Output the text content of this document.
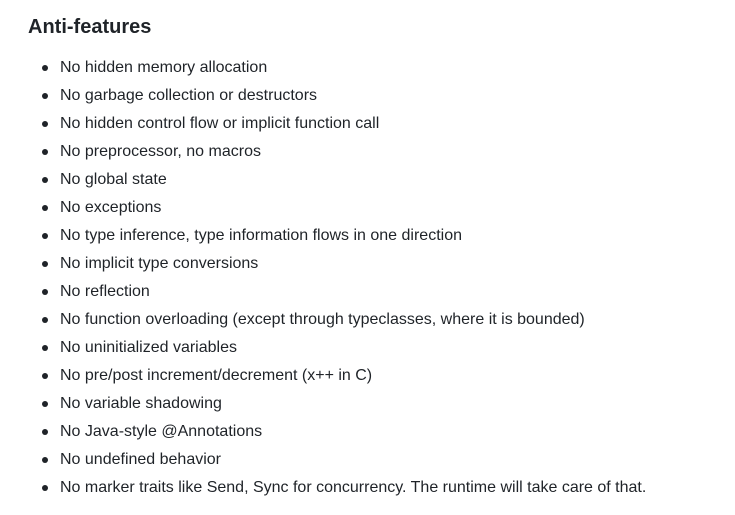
Anti-features
No hidden memory allocation
No garbage collection or destructors
No hidden control flow or implicit function call
No preprocessor, no macros
No global state
No exceptions
No type inference, type information flows in one direction
No implicit type conversions
No reflection
No function overloading (except through typeclasses, where it is bounded)
No uninitialized variables
No pre/post increment/decrement (x++ in C)
No variable shadowing
No Java-style @Annotations
No undefined behavior
No marker traits like Send, Sync for concurrency. The runtime will take care of that.
